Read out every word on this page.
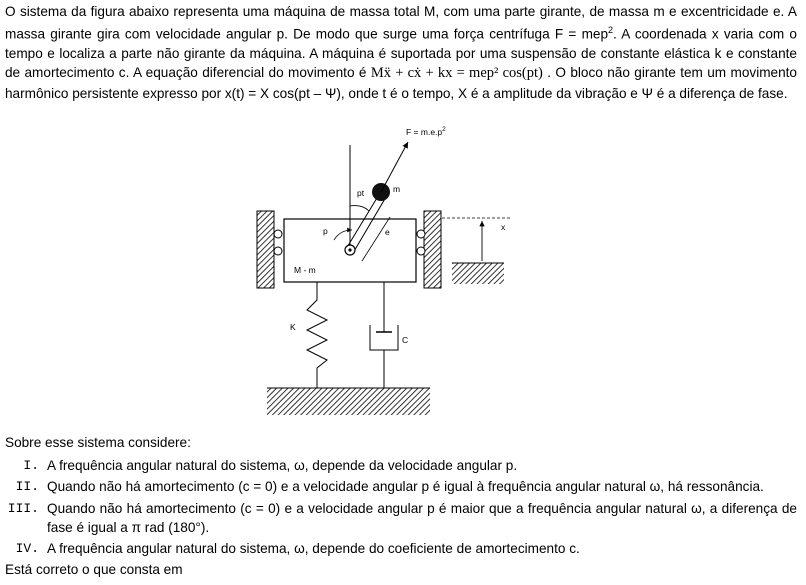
O sistema da figura abaixo representa uma máquina de massa total M, com uma parte girante, de massa m e excentricidade e. A massa girante gira com velocidade angular p. De modo que surge uma força centrífuga F = mep$^2$. A coordenada x varia com o tempo e localiza a parte não girante da máquina. A máquina é suportada por uma suspensão de constante elástica k e constante de amortecimento c. A equação diferencial do movimento é Mẍ + cẋ + kx = mep² cos(pt) . O bloco não girante tem um movimento harmônico persistente expresso por x(t) = X cos(pt – Ψ), onde t é o tempo, X é a amplitude da vibração e Ψ é a diferença de fase.

$F = m.e.p^2$
pt	m
p	e	x
M - m
K
C
Sobre esse sistema considere:
I. A frequência angular natural do sistema, ω, depende da velocidade angular p.
II. Quando não há amortecimento (c = 0) e a velocidade angular p é igual à frequência angular natural ω, há ressonância.
III. Quando não há amortecimento (c = 0) e a velocidade angular p é maior que a frequência angular natural ω, a diferença de fase é igual a π rad (180°).
IV. A frequência angular natural do sistema, ω, depende do coeficiente de amortecimento c.
Está correto o que consta em
